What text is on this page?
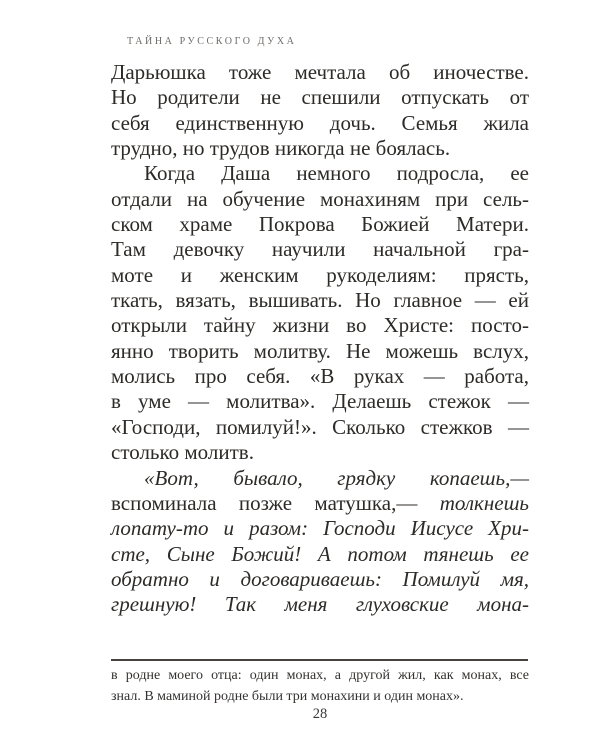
ТАЙНА РУССКОГО ДУХА
Дарьюшка тоже мечтала об иночестве.
Но родители не спешили отпускать от
себя единственную дочь. Семья жила
трудно, но трудов никогда не боялась.
Когда Даша немного подросла, ее
отдали на обучение монахиням при сель-
ском храме Покрова Божией Матери.
Там девочку научили начальной гра-
моте и женским рукоделиям: прясть,
ткать, вязать, вышивать. Но главное — ей
открыли тайну жизни во Христе: посто-
янно творить молитву. Не можешь вслух,
молись про себя. «В руках — работа,
в уме — молитва». Делаешь стежок —
«Господи, помилуй!». Сколько стежков —
столько молитв.
«Вот, бывало, грядку копаешь,—
вспоминала позже матушка,— толкнешь
лопату-то и разом: Господи Иисусе Хри-
сте, Сыне Божий! А потом тянешь ее
обратно и договариваешь: Помилуй мя,
грешную! Так меня глуховские мона-
в родне моего отца: один монах, а другой жил, как монах, все
знал. В маминой родне были три монахини и один монах».
28
